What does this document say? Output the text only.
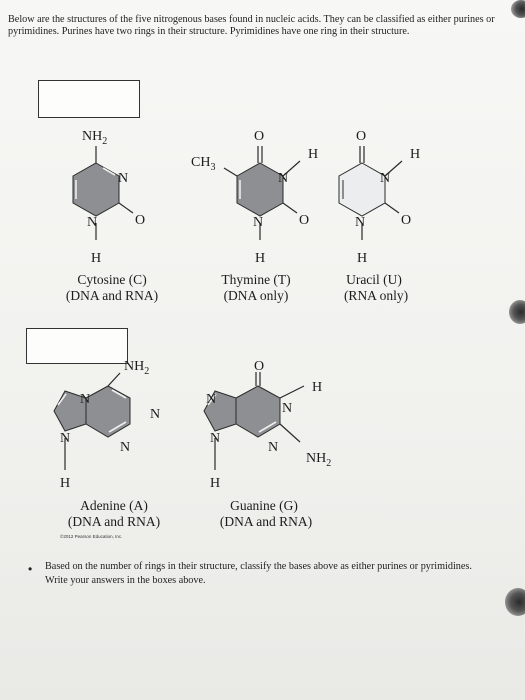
Below are the structures of the five nitrogenous bases found in nucleic acids. They can be classified as either purines or pyrimidines. Purines have two rings in their structure. Pyrimidines have one ring in their structure.
$NH_2$
N
N	O
H
O
$CH_3$
H
N
N	O
H
O
H
N
N	O
H
$NH_2$
N
N
N
N
H
O
H
N
N
N
N
$NH_2$
H
Cytosine (C)
(DNA and RNA)
Thymine (T)
(DNA only)
Uracil (U)
(RNA only)
Adenine (A)
(DNA and RNA)
Guanine (G)
(DNA and RNA)
©2012 Pearson Education, Inc.
• Based on the number of rings in their structure, classify the bases above as either purines or pyrimidines. Write your answers in the boxes above.
